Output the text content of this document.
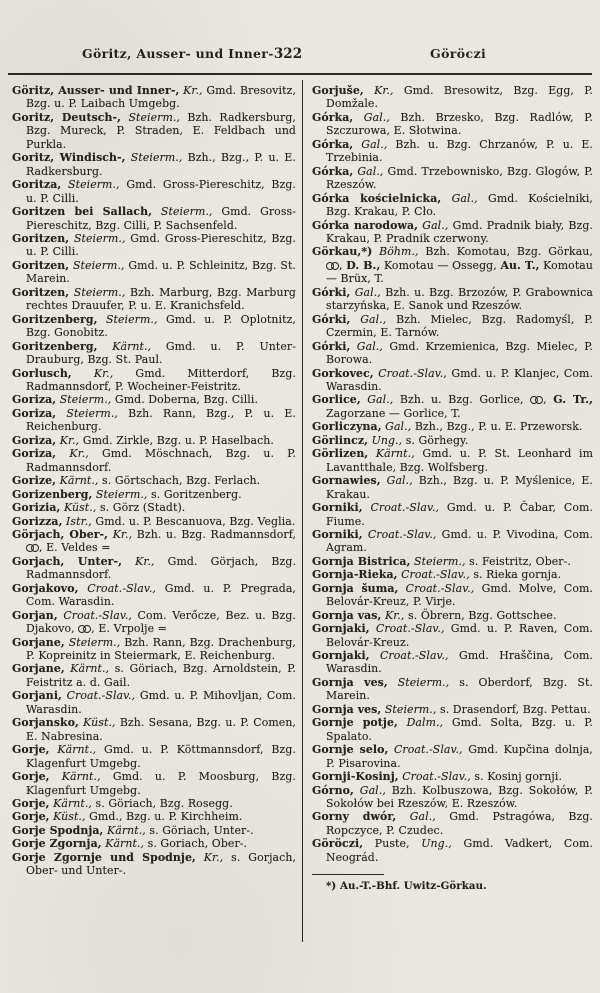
Göritz, Ausser- und Inner- 322	Göröczi
Göritz, Ausser- und Inner-, Kr., Gmd. Bresovitz, Bzg. u. P. Laibach Umgebg.
Goritz, Deutsch-, Steierm., Bzh. Radkersburg, Bzg. Mureck, P. Straden, E. Feldbach und Purkla.
Goritz, Windisch-, Steierm., Bzh., Bzg., P. u. E. Radkersburg.
Goritza, Steierm., Gmd. Gross-Piereschitz, Bzg. u. P. Cilli.
Goritzen bei Sallach, Steierm., Gmd. Gross-Piereschitz, Bzg. Cilli, P. Sachsenfeld.
Goritzen, Steierm., Gmd. Gross-Piereschitz, Bzg. u. P. Cilli.
Goritzen, Steierm., Gmd. u. P. Schleinitz, Bzg. St. Marein.
Goritzen, Steierm., Bzh. Marburg, Bzg. Marburg rechtes Drauufer, P. u. E. Kranichsfeld.
Goritzenberg, Steierm., Gmd. u. P. Oplotnitz, Bzg. Gonobitz.
Goritzenberg, Kärnt., Gmd. u. P. Unter-Drauburg, Bzg. St. Paul.
Gorlusch, Kr., Gmd. Mitterdorf, Bzg. Radmannsdorf, P. Wocheiner-Feistritz.
Goriza, Steierm., Gmd. Doberna, Bzg. Cilli.
Goriza, Steierm., Bzh. Rann, Bzg., P. u. E. Reichenburg.
Goriza, Kr., Gmd. Zirkle, Bzg. u. P. Haselbach.
Goriza, Kr., Gmd. Möschnach, Bzg. u. P. Radmannsdorf.
Gorize, Kärnt., s. Görtschach, Bzg. Ferlach.
Gorizenberg, Steierm., s. Goritzenberg.
Gorizia, Küst., s. Görz (Stadt).
Gorizza, Istr., Gmd. u. P. Bescanuova, Bzg. Veglia.
Görjach, Ober-, Kr., Bzh. u. Bzg. Radmannsdorf, , E. Veldes =
Gorjach, Unter-, Kr., Gmd. Görjach, Bzg. Radmannsdorf.
Gorjakovo, Croat.-Slav., Gmd. u. P. Pregrada, Com. Warasdin.
Gorjan, Croat.-Slav., Com. Verőcze, Bez. u. Bzg. Djakovo, , E. Vrpolje =
Gorjane, Steierm., Bzh. Rann, Bzg. Drachenburg, P. Kopreinitz in Steiermark, E. Reichenburg.
Gorjane, Kärnt., s. Göriach, Bzg. Arnoldstein, P. Feistritz a. d. Gail.
Gorjani, Croat.-Slav., Gmd. u. P. Mihovljan, Com. Warasdin.
Gorjansko, Küst., Bzh. Sesana, Bzg. u. P. Comen, E. Nabresina.
Gorje, Kärnt., Gmd. u. P. Köttmannsdorf, Bzg. Klagenfurt Umgebg.
Gorje, Kärnt., Gmd. u. P. Moosburg, Bzg. Klagenfurt Umgebg.
Gorje, Kärnt., s. Göriach, Bzg. Rosegg.
Gorje, Küst., Gmd., Bzg. u. P. Kirchheim.
Gorje Spodnja, Kärnt., s. Göriach, Unter-.
Gorje Zgornja, Kärnt., s. Goriach, Ober-.
Gorje Zgornje und Spodnje, Kr., s. Gorjach, Ober- und Unter-.
Gorjuše, Kr., Gmd. Bresowitz, Bzg. Egg, P. Domžale.
Górka, Gal., Bzh. Brzesko, Bzg. Radlów, P. Szczurowa, E. Słotwina.
Górka, Gal., Bzh. u. Bzg. Chrzanów, P. u. E. Trzebinia.
Górka, Gal., Gmd. Trzebownisko, Bzg. Glogów, P. Rzeszów.
Górka kościelnicka, Gal., Gmd. Kościelniki, Bzg. Krakau, P. Cło.
Górka narodowa, Gal., Gmd. Pradnik biały, Bzg. Krakau, P. Pradnik czerwony.
Görkau,*) Böhm., Bzh. Komotau, Bzg. Görkau, , D. B., Komotau — Ossegg, Au. T., Komotau — Brüx, T.
Górki, Gal., Bzh. u. Bzg. Brzozów, P. Grabownica starzyńska, E. Sanok und Rzeszów.
Górki, Gal., Bzh. Mielec, Bzg. Radomyśl, P. Czermin, E. Tarnów.
Górki, Gal., Gmd. Krzemienica, Bzg. Mielec, P. Borowa.
Gorkovec, Croat.-Slav., Gmd. u. P. Klanjec, Com. Warasdin.
Gorlice, Gal., Bzh. u. Bzg. Gorlice, , G. Tr., Zagorzane — Gorlice, T.
Gorliczyna, Gal., Bzh., Bzg., P. u. E. Przeworsk.
Görlincz, Ung., s. Görhegy.
Görlizen, Kärnt., Gmd. u. P. St. Leonhard im Lavantthale, Bzg. Wolfsberg.
Gornawies, Gal., Bzh., Bzg. u. P. Myślenice, E. Krakau.
Gorniki, Croat.-Slav., Gmd. u. P. Čabar, Com. Fiume.
Gorniki, Croat.-Slav., Gmd. u. P. Vivodina, Com. Agram.
Gornja Bistrica, Steierm., s. Feistritz, Ober-.
Gornja-Rieka, Croat.-Slav., s. Rieka gornja.
Gornja šuma, Croat.-Slav., Gmd. Molve, Com. Belovár-Kreuz, P. Virje.
Gornja vas, Kr., s. Öbrern, Bzg. Gottschee.
Gornjaki, Croat.-Slav., Gmd. u. P. Raven, Com. Belovár-Kreuz.
Gornjaki, Croat.-Slav., Gmd. Hraščina, Com. Warasdin.
Gornja ves, Steierm., s. Oberdorf, Bzg. St. Marein.
Gornja ves, Steierm., s. Drasendorf, Bzg. Pettau.
Gornje potje, Dalm., Gmd. Solta, Bzg. u. P. Spalato.
Gornje selo, Croat.-Slav., Gmd. Kupčina dolnja, P. Pisarovina.
Gornji-Kosinj, Croat.-Slav., s. Kosinj gornji.
Górno, Gal., Bzh. Kolbuszowa, Bzg. Sokołów, P. Sokołów bei Rzeszów, E. Rzeszów.
Gorny dwór, Gal., Gmd. Pstragówa, Bzg. Ropczyce, P. Czudec.
Göröczi, Puste, Ung., Gmd. Vadkert, Com. Neográd.
*) Au.-T.-Bhf. Uwitz-Görkau.
